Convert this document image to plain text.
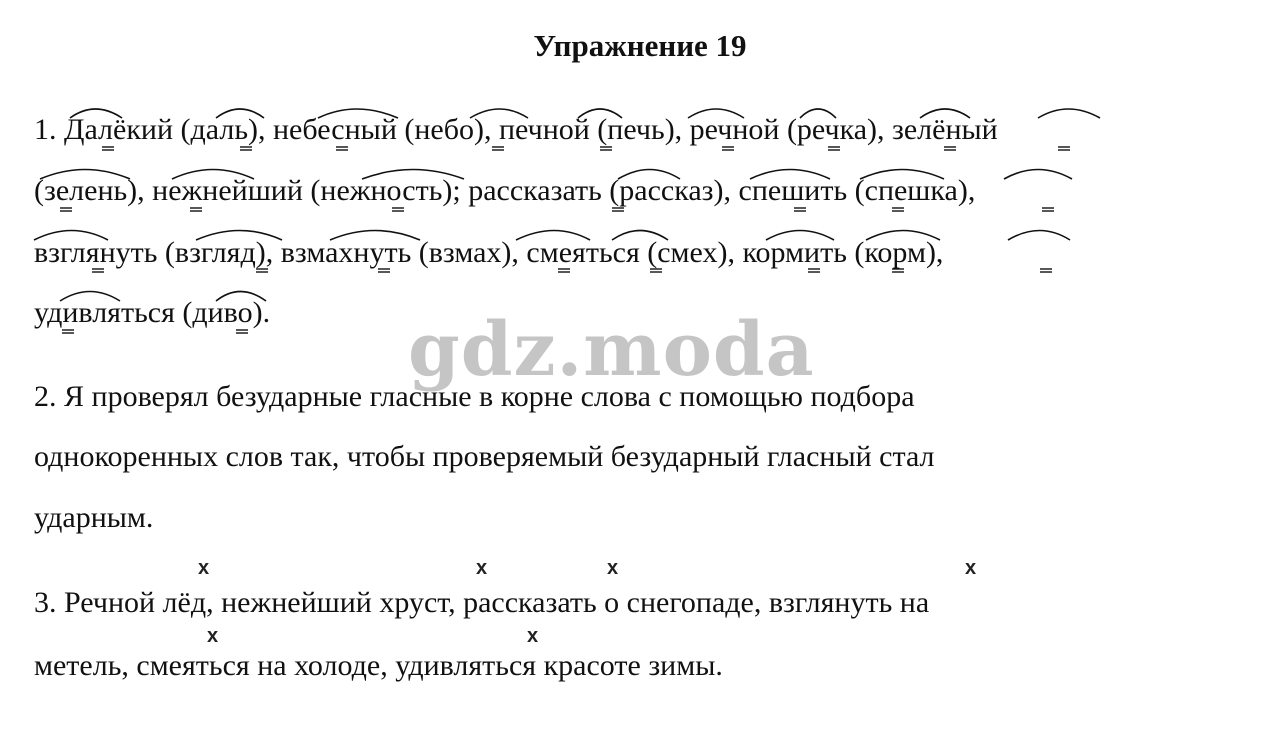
Упражнение 19
1. Далёкий (даль), небесный (небо), печной (печь), речной (речка), зелёный
(зелень), нежнейший (нежность); рассказать (рассказ), спешить (спешка),
взглянуть (взгляд), взмахнуть (взмах), смеяться (смех), кормить (корм),
удивляться (диво).
2. Я проверял безударные гласные в корне слова с помощью подбора
однокоренных слов так, чтобы проверяемый безударный гласный стал
ударным.
x	x	x	x
3. Речной лёд, нежнейший хруст, рассказать о снегопаде, взглянуть на
x	x
метель, смеяться на холоде, удивляться красоте зимы.
gdz.moda
